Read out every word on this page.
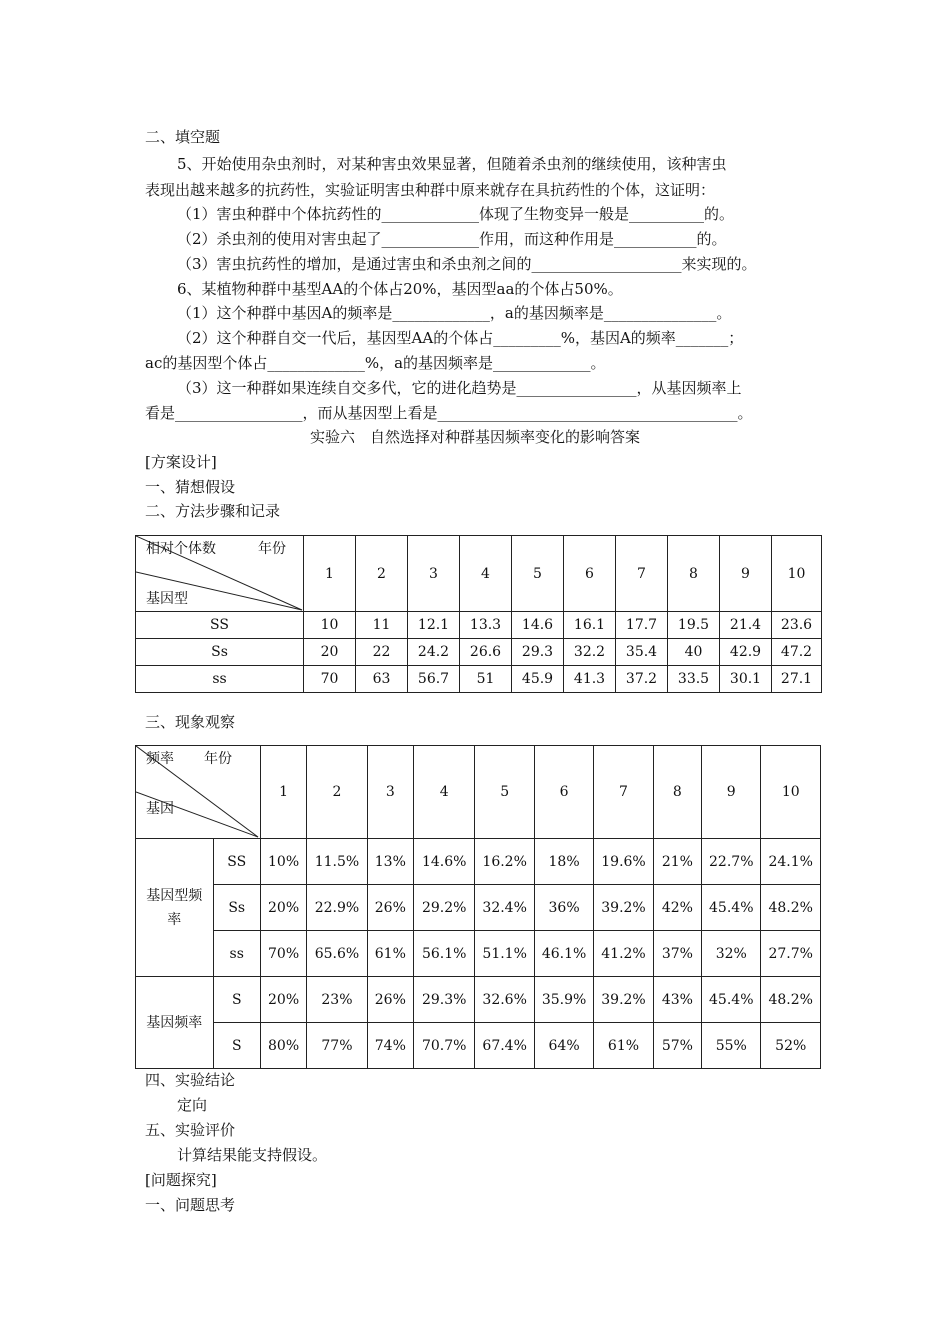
二、填空题
5、开始使用杂虫剂时，对某种害虫效果显著，但随着杀虫剂的继续使用，该种害虫
表现出越来越多的抗药性，实验证明害虫种群中原来就存在具抗药性的个体，这证明：
（1）害虫种群中个体抗药性的_____________体现了生物变异一般是__________的。
（2）杀虫剂的使用对害虫起了_____________作用，而这种作用是___________的。
（3）害虫抗药性的增加，是通过害虫和杀虫剂之间的____________________来实现的。
6、某植物种群中基型AA的个体占20%，基因型aa的个体占50%。
（1）这个种群中基因A的频率是_____________，a的基因频率是_______________。
（2）这个种群自交一代后，基因型AA的个体占_________%，基因A的频率_______；
ac的基因型个体占_____________%，a的基因频率是_____________。
（3）这一种群如果连续自交多代，它的进化趋势是________________，从基因频率上
看是_________________，而从基因型上看是________________________________________。
实验六　自然选择对种群基因频率变化的影响答案
[方案设计]
一、猜想假设
二、方法步骤和记录
相对个体数 年份
基因型	1	2	3	4	5	6	7	8	9	10
SS	10	11	12.1	13.3	14.6	16.1	17.7	19.5	21.4	23.6
Ss	20	22	24.2	26.6	29.3	32.2	35.4	40	42.9	47.2
ss	70	63	56.7	51	45.9	41.3	37.2	33.5	30.1	27.1
三、现象观察
频率 年份
基因		1	2	3	4	5	6	7	8	9	10
基因型频率	SS	10%	11.5%	13%	14.6%	16.2%	18%	19.6%	21%	22.7%	24.1%
	Ss	20%	22.9%	26%	29.2%	32.4%	36%	39.2%	42%	45.4%	48.2%
	ss	70%	65.6%	61%	56.1%	51.1%	46.1%	41.2%	37%	32%	27.7%
基因频率	S	20%	23%	26%	29.3%	32.6%	35.9%	39.2%	43%	45.4%	48.2%
	S	80%	77%	74%	70.7%	67.4%	64%	61%	57%	55%	52%
四、实验结论
定向
五、实验评价
计算结果能支持假设。
[问题探究]
一、问题思考
